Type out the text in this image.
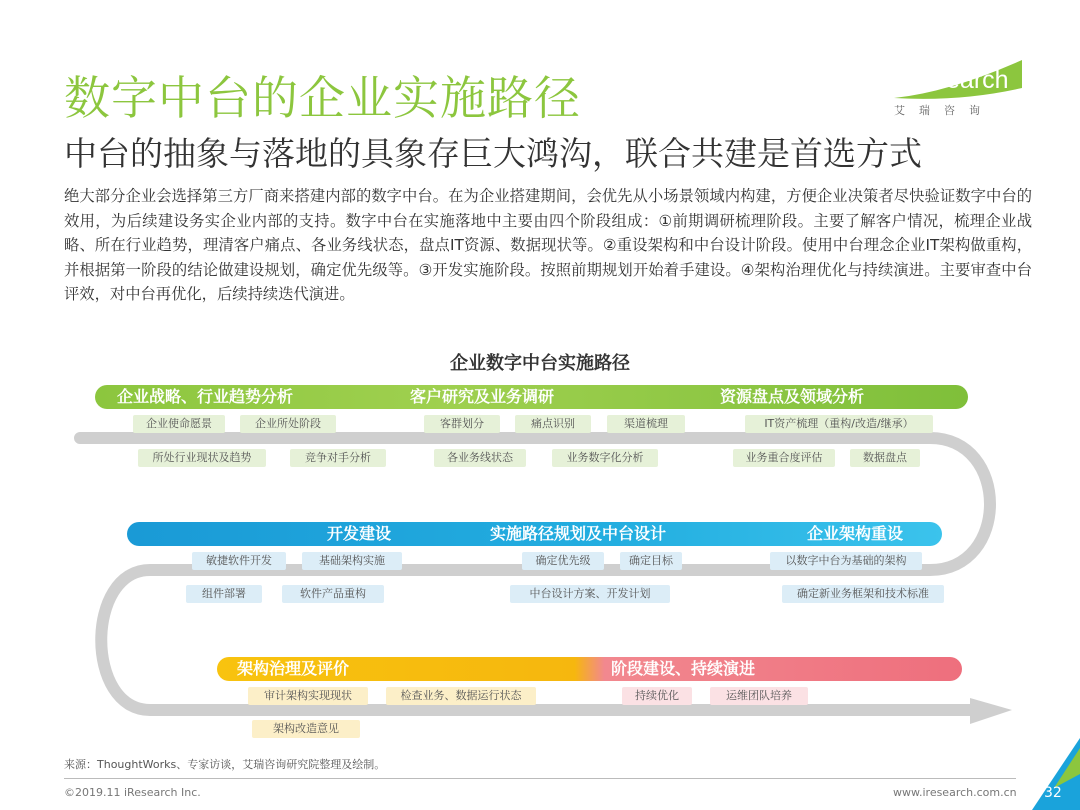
数字中台的企业实施路径
中台的抽象与落地的具象存巨大鸿沟，联合共建是首选方式
iResearch
艾瑞咨询
绝大部分企业会选择第三方厂商来搭建内部的数字中台。在为企业搭建期间，会优先从小场景领域内构建，方便企业决策者尽快验证数字中台的效用，为后续建设务实企业内部的支持。数字中台在实施落地中主要由四个阶段组成：①前期调研梳理阶段。主要了解客户情况，梳理企业战略、所在行业趋势，理清客户痛点、各业务线状态，盘点IT资源、数据现状等。②重设架构和中台设计阶段。使用中台理念企业IT架构做重构，并根据第一阶段的结论做建设规划，确定优先级等。③开发实施阶段。按照前期规划开始着手建设。④架构治理优化与持续演进。主要审查中台评效，对中台再优化，后续持续迭代演进。
企业数字中台实施路径
企业战略、行业趋势分析	客户研究及业务调研	资源盘点及领域分析
企业使命愿景	企业所处阶段	客群划分	痛点识别	渠道梳理	IT资产梳理（重构/改造/继承）
所处行业现状及趋势	竞争对手分析	各业务线状态	业务数字化分析	业务重合度评估	数据盘点
开发建设	实施路径规划及中台设计	企业架构重设
敏捷软件开发	基础架构实施	确定优先级	确定目标	以数字中台为基础的架构
组件部署	软件产品重构	中台设计方案、开发计划	确定新业务框架和技术标准
架构治理及评价	阶段建设、持续演进
审计架构实现现状	检查业务、数据运行状态	持续优化	运维团队培养
架构改造意见
来源：ThoughtWorks、专家访谈，艾瑞咨询研究院整理及绘制。
©2019.11 iResearch Inc.	www.iresearch.com.cn 32
